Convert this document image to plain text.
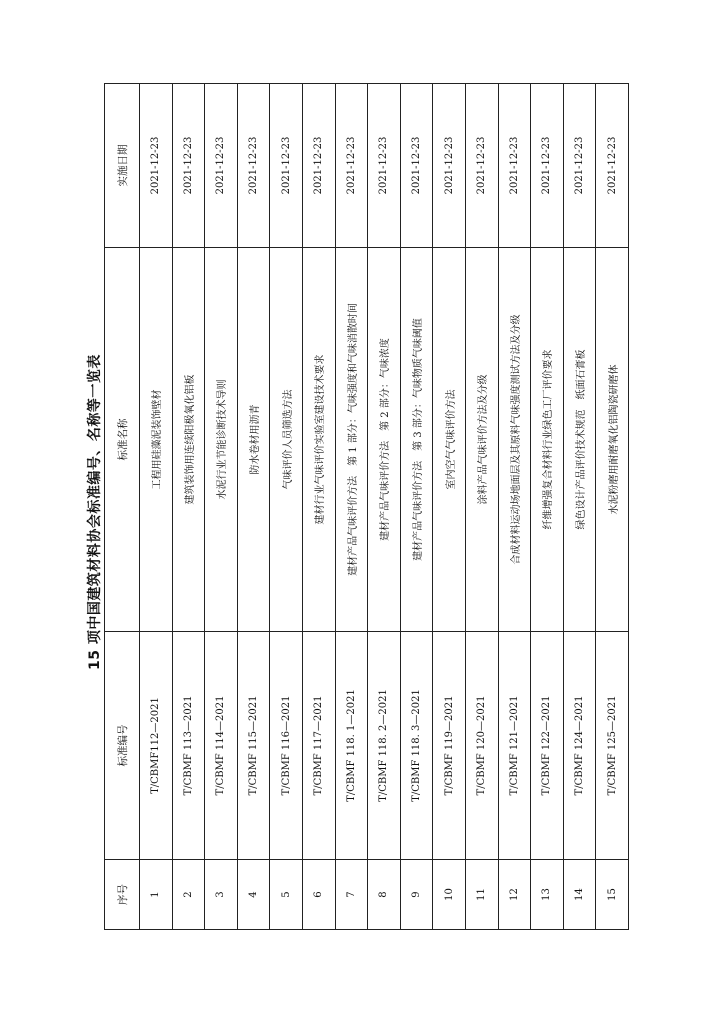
15 项中国建筑材料协会标准编号、名称等一览表
序号	标准编号	标准名称	实施日期
1	T/CBMF112—2021	工程用硅藻泥装饰壁材	2021-12-23
2	T/CBMF 113—2021	建筑装饰用连续阳极氧化铝板	2021-12-23
3	T/CBMF 114—2021	水泥行业节能诊断技术导则	2021-12-23
4	T/CBMF 115—2021	防水卷材用沥青	2021-12-23
5	T/CBMF 116—2021	气味评价人员筛选方法	2021-12-23
6	T/CBMF 117—2021	建材行业气味评价实验室建设技术要求	2021-12-23
7	T/CBMF 118. 1—2021	建材产品气味评价方法　第 1 部分：气味强度和气味消散时间	2021-12-23
8	T/CBMF 118. 2—2021	建材产品气味评价方法　第 2 部分：气味浓度	2021-12-23
9	T/CBMF 118. 3—2021	建材产品气味评价方法　第 3 部分：气味物质气味阈值	2021-12-23
10	T/CBMF 119—2021	室内空气气味评价方法	2021-12-23
11	T/CBMF 120—2021	涂料产品气味评价方法及分级	2021-12-23
12	T/CBMF 121—2021	合成材料运动场地面层及其原料气味强度测试方法及分级	2021-12-23
13	T/CBMF 122—2021	纤维增强复合材料行业绿色工厂评价要求	2021-12-23
14	T/CBMF 124—2021	绿色设计产品评价技术规范　纸面石膏板	2021-12-23
15	T/CBMF 125—2021	水泥粉磨用耐磨氧化铝陶瓷研磨体	2021-12-23
